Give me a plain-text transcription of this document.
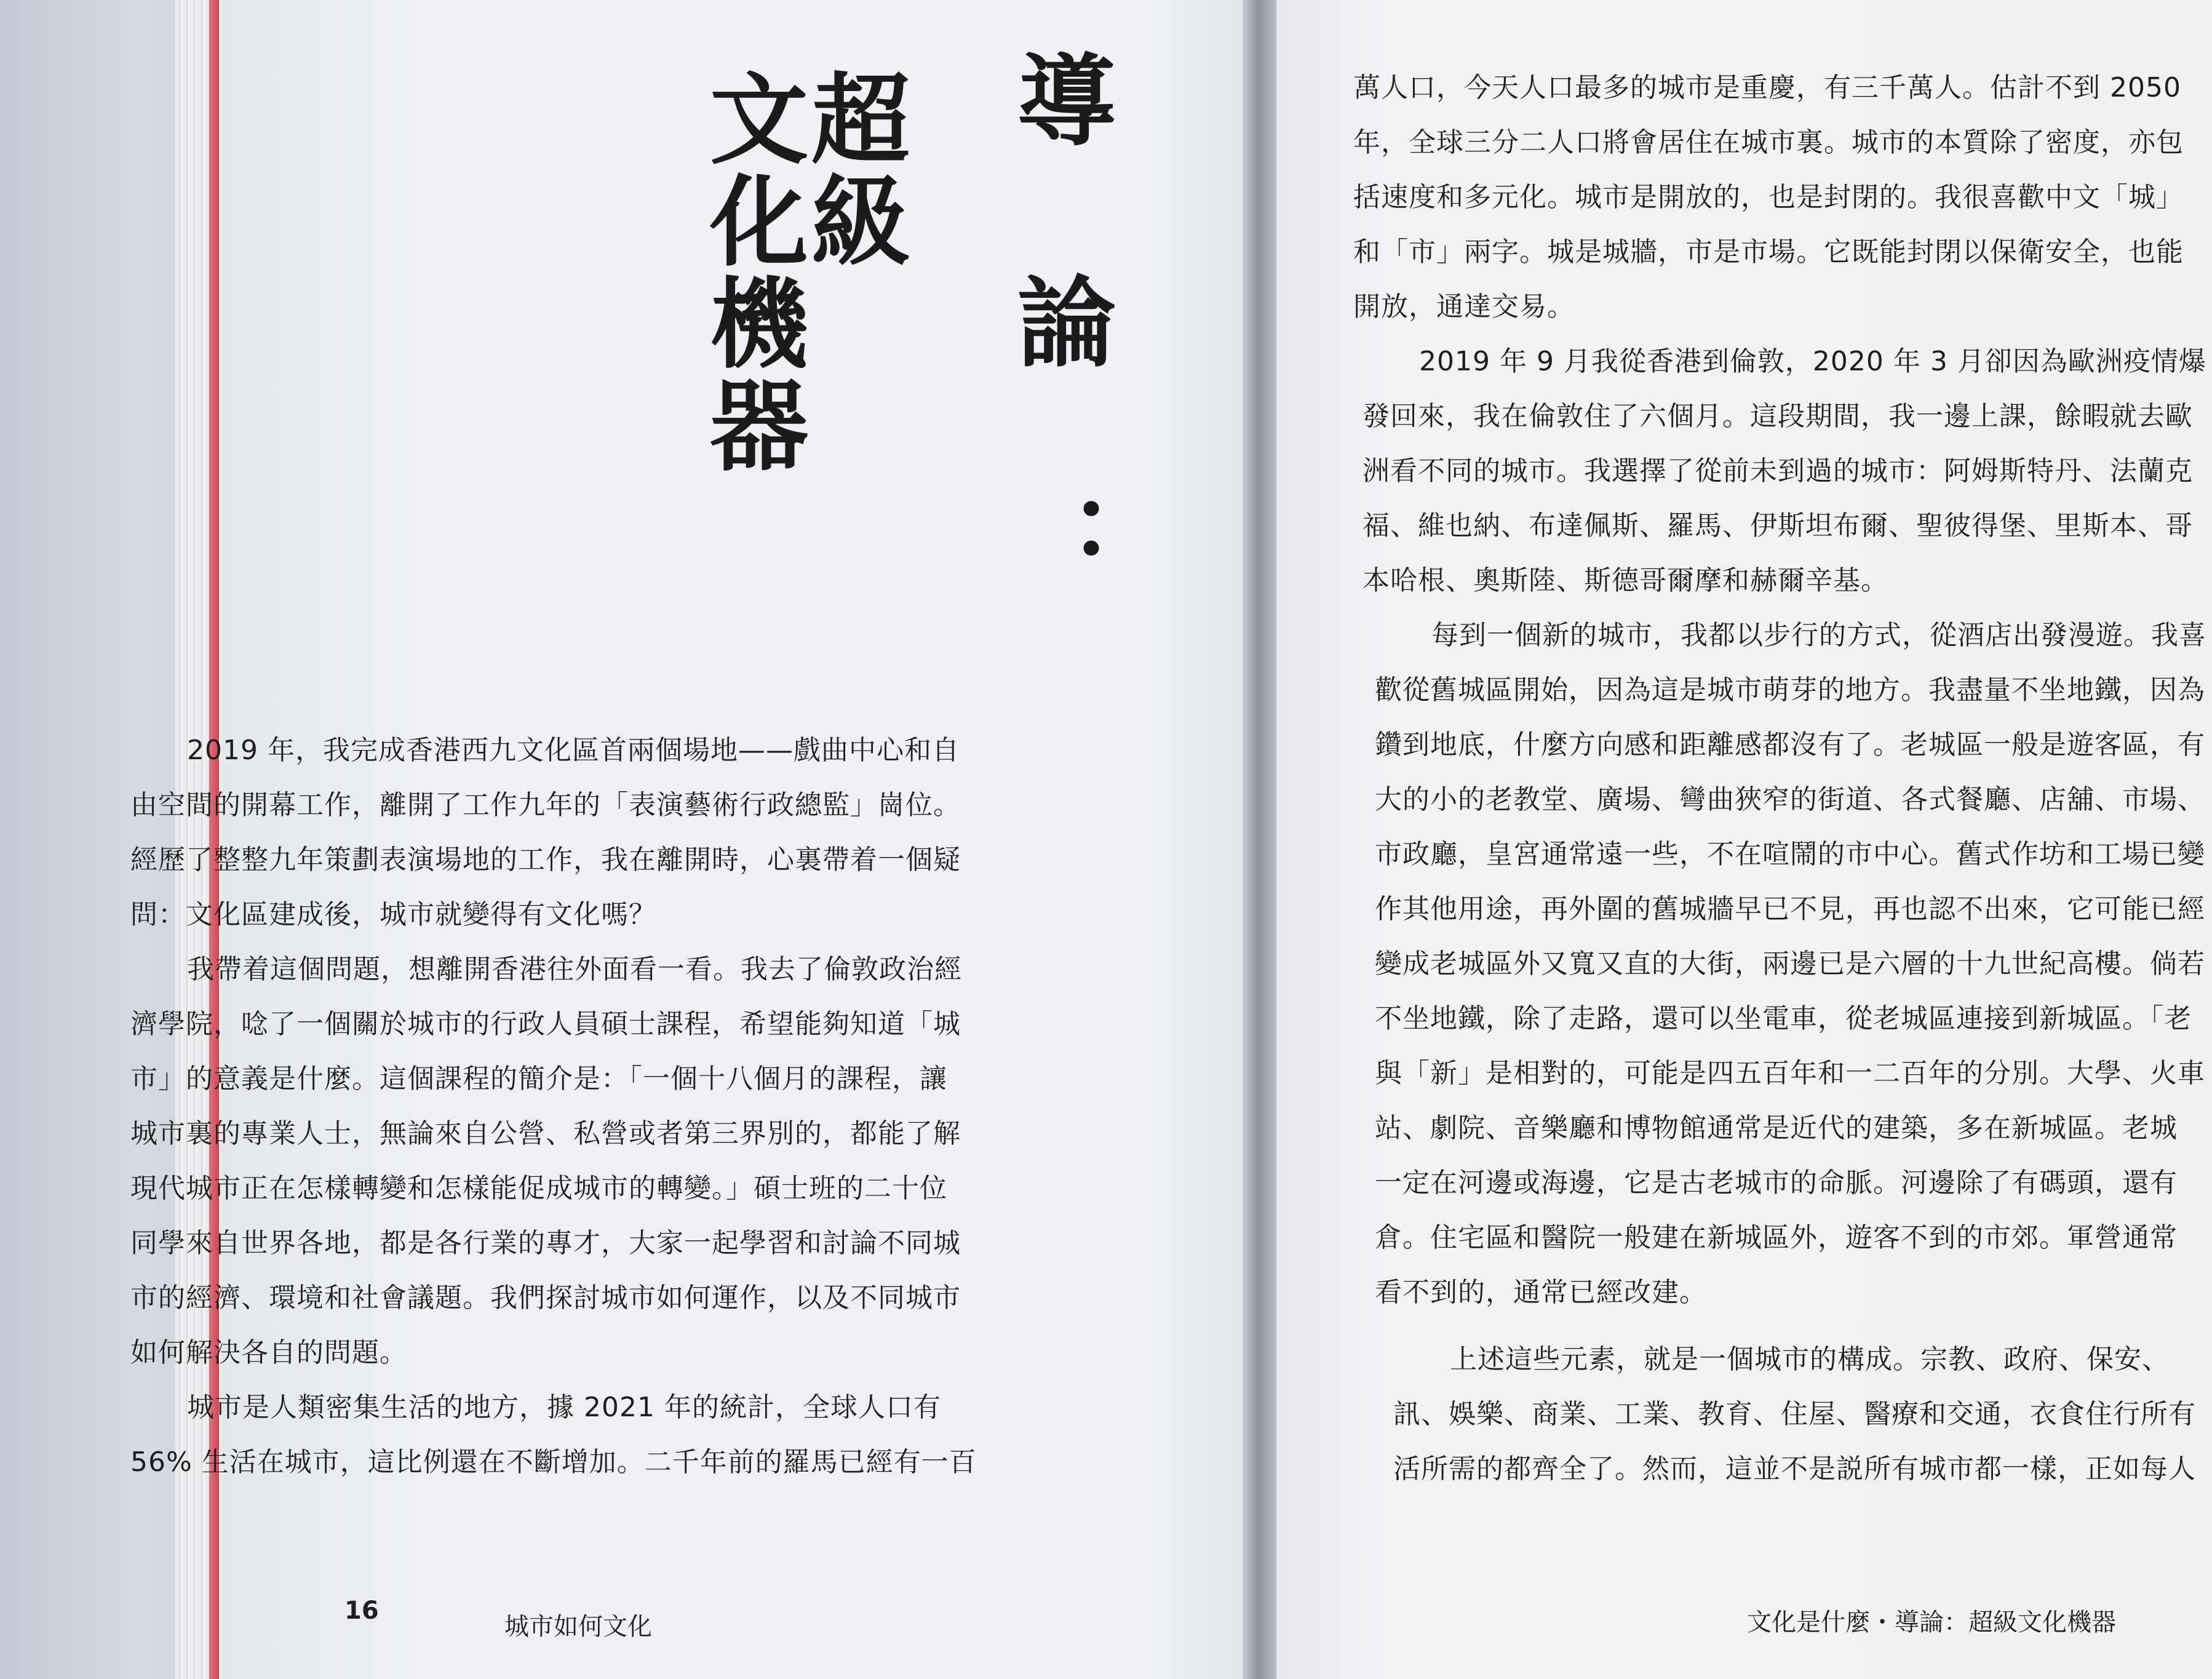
導論：
超級
文化機器
2019 年，我完成香港西九文化區首兩個場地——戲曲中心和自
由空間的開幕工作，離開了工作九年的「表演藝術行政總監」崗位。
經歷了整整九年策劃表演場地的工作，我在離開時，心裏帶着一個疑
問：文化區建成後，城市就變得有文化嗎？
我帶着這個問題，想離開香港往外面看一看。我去了倫敦政治經
濟學院，唸了一個關於城市的行政人員碩士課程，希望能夠知道「城
市」的意義是什麼。這個課程的簡介是：「一個十八個月的課程，讓
城市裏的專業人士，無論來自公營、私營或者第三界別的，都能了解
現代城市正在怎樣轉變和怎樣能促成城市的轉變。」碩士班的二十位
同學來自世界各地，都是各行業的專才，大家一起學習和討論不同城
市的經濟、環境和社會議題。我們探討城市如何運作，以及不同城市
如何解決各自的問題。
城市是人類密集生活的地方，據 2021 年的統計，全球人口有
56% 生活在城市，這比例還在不斷增加。二千年前的羅馬已經有一百
16
城市如何文化
萬人口，今天人口最多的城市是重慶，有三千萬人。估計不到 2050
年，全球三分二人口將會居住在城市裏。城市的本質除了密度，亦包
括速度和多元化。城市是開放的，也是封閉的。我很喜歡中文「城」
和「市」兩字。城是城牆，市是市場。它既能封閉以保衛安全，也能
開放，通達交易。
2019 年 9 月我從香港到倫敦，2020 年 3 月卻因為歐洲疫情爆
發回來，我在倫敦住了六個月。這段期間，我一邊上課，餘暇就去歐
洲看不同的城市。我選擇了從前未到過的城市：阿姆斯特丹、法蘭克
福、維也納、布達佩斯、羅馬、伊斯坦布爾、聖彼得堡、里斯本、哥
本哈根、奧斯陸、斯德哥爾摩和赫爾辛基。
每到一個新的城市，我都以步行的方式，從酒店出發漫遊。我喜
歡從舊城區開始，因為這是城市萌芽的地方。我盡量不坐地鐵，因為
鑽到地底，什麼方向感和距離感都沒有了。老城區一般是遊客區，有
大的小的老教堂、廣場、彎曲狹窄的街道、各式餐廳、店舖、市場、
市政廳，皇宮通常遠一些，不在喧鬧的市中心。舊式作坊和工場已變
作其他用途，再外圍的舊城牆早已不見，再也認不出來，它可能已經
變成老城區外又寬又直的大街，兩邊已是六層的十九世紀高樓。倘若
不坐地鐵，除了走路，還可以坐電車，從老城區連接到新城區。「老
與「新」是相對的，可能是四五百年和一二百年的分別。大學、火車
站、劇院、音樂廳和博物館通常是近代的建築，多在新城區。老城
一定在河邊或海邊，它是古老城市的命脈。河邊除了有碼頭，還有
倉。住宅區和醫院一般建在新城區外，遊客不到的市郊。軍營通常
看不到的，通常已經改建。
上述這些元素，就是一個城市的構成。宗教、政府、保安、
訊、娛樂、商業、工業、教育、住屋、醫療和交通，衣食住行所有
活所需的都齊全了。然而，這並不是説所有城市都一樣，正如每人
文化是什麼・導論：超級文化機器
